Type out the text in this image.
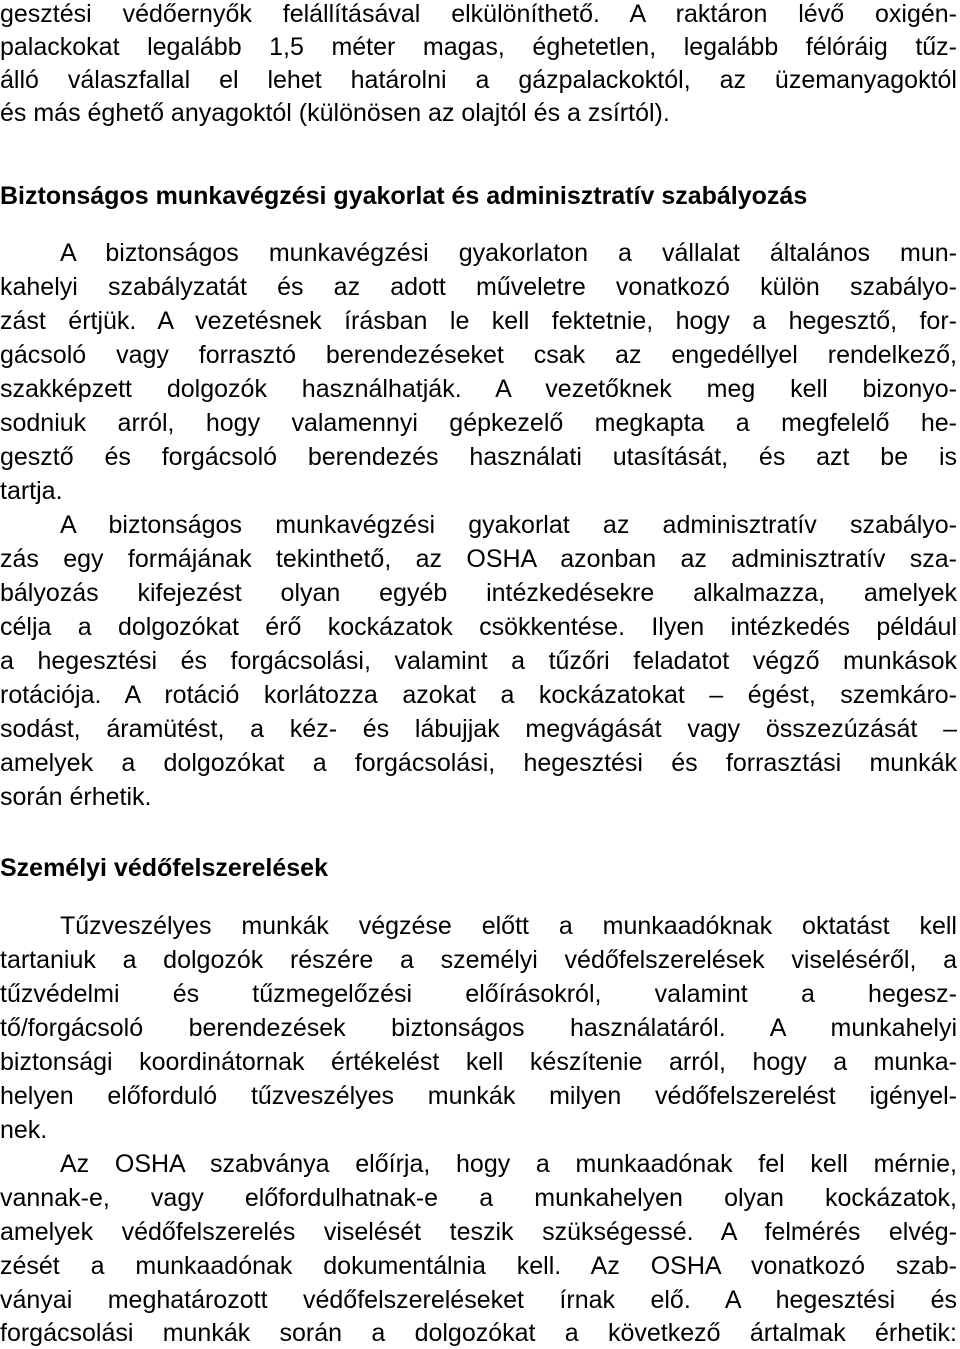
gesztési védőernyők felállításával elkülöníthető. A raktáron lévő oxigén-
palackokat legalább 1,5 méter magas, éghetetlen, legalább félóráig tűz-
álló válaszfallal el lehet határolni a gázpalackoktól, az üzemanyagoktól
és más éghető anyagoktól (különösen az olajtól és a zsírtól).
Biztonságos munkavégzési gyakorlat és adminisztratív szabályozás
A biztonságos munkavégzési gyakorlaton a vállalat általános mun-
kahelyi szabályzatát és az adott műveletre vonatkozó külön szabályo-
zást értjük. A vezetésnek írásban le kell fektetnie, hogy a hegesztő, for-
gácsoló vagy forrasztó berendezéseket csak az engedéllyel rendelkező,
szakképzett dolgozók használhatják. A vezetőknek meg kell bizonyo-
sodniuk arról, hogy valamennyi gépkezelő megkapta a megfelelő he-
gesztő és forgácsoló berendezés használati utasítását, és azt be is
tartja.
A biztonságos munkavégzési gyakorlat az adminisztratív szabályo-
zás egy formájának tekinthető, az OSHA azonban az adminisztratív sza-
bályozás kifejezést olyan egyéb intézkedésekre alkalmazza, amelyek
célja a dolgozókat érő kockázatok csökkentése. Ilyen intézkedés például
a hegesztési és forgácsolási, valamint a tűzőri feladatot végző munkások
rotációja. A rotáció korlátozza azokat a kockázatokat – égést, szemkáro-
sodást, áramütést, a kéz- és lábujjak megvágását vagy összezúzását –
amelyek a dolgozókat a forgácsolási, hegesztési és forrasztási munkák
során érhetik.
Személyi védőfelszerelések
Tűzveszélyes munkák végzése előtt a munkaadóknak oktatást kell
tartaniuk a dolgozók részére a személyi védőfelszerelések viseléséről, a
tűzvédelmi és tűzmegelőzési előírásokról, valamint a hegesz-
tő/forgácsoló berendezések biztonságos használatáról. A munkahelyi
biztonsági koordinátornak értékelést kell készítenie arról, hogy a munka-
helyen előforduló tűzveszélyes munkák milyen védőfelszerelést igényel-
nek.
Az OSHA szabványa előírja, hogy a munkaadónak fel kell mérnie,
vannak-e, vagy előfordulhatnak-e a munkahelyen olyan kockázatok,
amelyek védőfelszerelés viselését teszik szükségessé. A felmérés elvég-
zését a munkaadónak dokumentálnia kell. Az OSHA vonatkozó szab-
ványai meghatározott védőfelszereléseket írnak elő. A hegesztési és
forgácsolási munkák során a dolgozókat a következő ártalmak érhetik:
